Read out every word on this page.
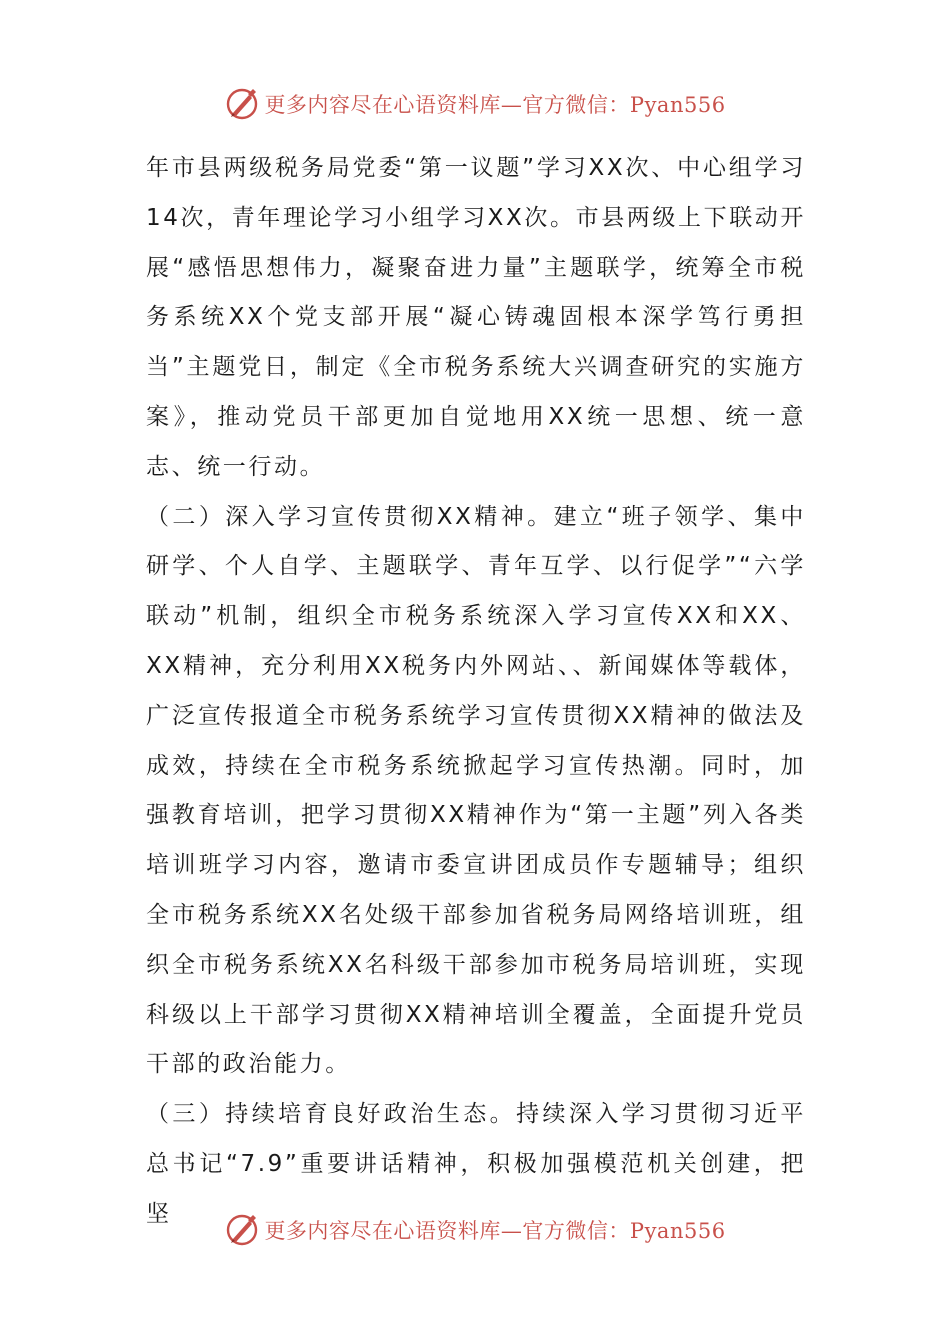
更多内容尽在心语资料库—官方微信：Pyan556

年市县两级税务局党委“第一议题”学习XX次、中心组学习14次，青年理论学习小组学习XX次。市县两级上下联动开展“感悟思想伟力，凝聚奋进力量”主题联学，统筹全市税务系统XX个党支部开展“凝心铸魂固根本深学笃行勇担当”主题党日，制定《全市税务系统大兴调查研究的实施方案》，推动党员干部更加自觉地用XX统一思想、统一意志、统一行动。

（二）深入学习宣传贯彻XX精神。建立“班子领学、集中研学、个人自学、主题联学、青年互学、以行促学”“六学联动”机制，组织全市税务系统深入学习宣传XX和XX、XX精神，充分利用XX税务内外网站、、新闻媒体等载体，广泛宣传报道全市税务系统学习宣传贯彻XX精神的做法及成效，持续在全市税务系统掀起学习宣传热潮。同时，加强教育培训，把学习贯彻XX精神作为“第一主题”列入各类培训班学习内容，邀请市委宣讲团成员作专题辅导；组织全市税务系统XX名处级干部参加省税务局网络培训班，组织全市税务系统XX名科级干部参加市税务局培训班，实现科级以上干部学习贯彻XX精神培训全覆盖，全面提升党员干部的政治能力。

（三）持续培育良好政治生态。持续深入学习贯彻习近平总书记“7.9”重要讲话精神，积极加强模范机关创建，把坚

更多内容尽在心语资料库—官方微信：Pyan556
